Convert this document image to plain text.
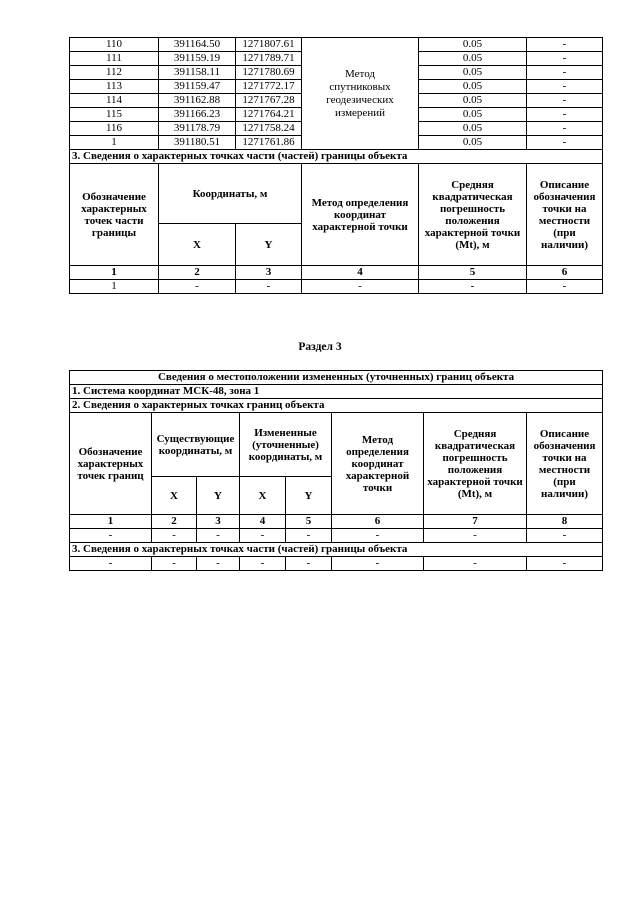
110	391164.50	1271807.61	Метод спутниковых геодезических измерений	0.05	-
111	391159.19	1271789.71		0.05	-
112	391158.11	1271780.69		0.05	-
113	391159.47	1271772.17		0.05	-
114	391162.88	1271767.28		0.05	-
115	391166.23	1271764.21		0.05	-
116	391178.79	1271758.24		0.05	-
1	391180.51	1271761.86		0.05	-
3. Сведения о характерных точках части (частей) границы объекта					
Обозначение характерных точек части границы	Координаты, м		Метод определения координат характерной точки	Средняя квадратическая погрешность положения характерной точки (Mt), м	Описание обозначения точки на местности (при наличии)
	X	Y			
1	2	3	4	5	6
1	-	-	-	-	-
Раздел 3
Сведения о местоположении измененных (уточненных) границ объекта							
1. Система координат МСК-48, зона 1							
2. Сведения о характерных точках границ объекта							
Обозначение характерных точек границ	Существующие координаты, м		Измененные (уточненные) координаты, м		Метод определения координат характерной точки	Средняя квадратическая погрешность положения характерной точки (Mt), м	Описание обозначения точки на местности (при наличии)
	X	Y	X	Y			
1	2	3	4	5	6	7	8
-	-	-	-	-	-	-	-
3. Сведения о характерных точках части (частей) границы объекта							
-	-	-	-	-	-	-	-
